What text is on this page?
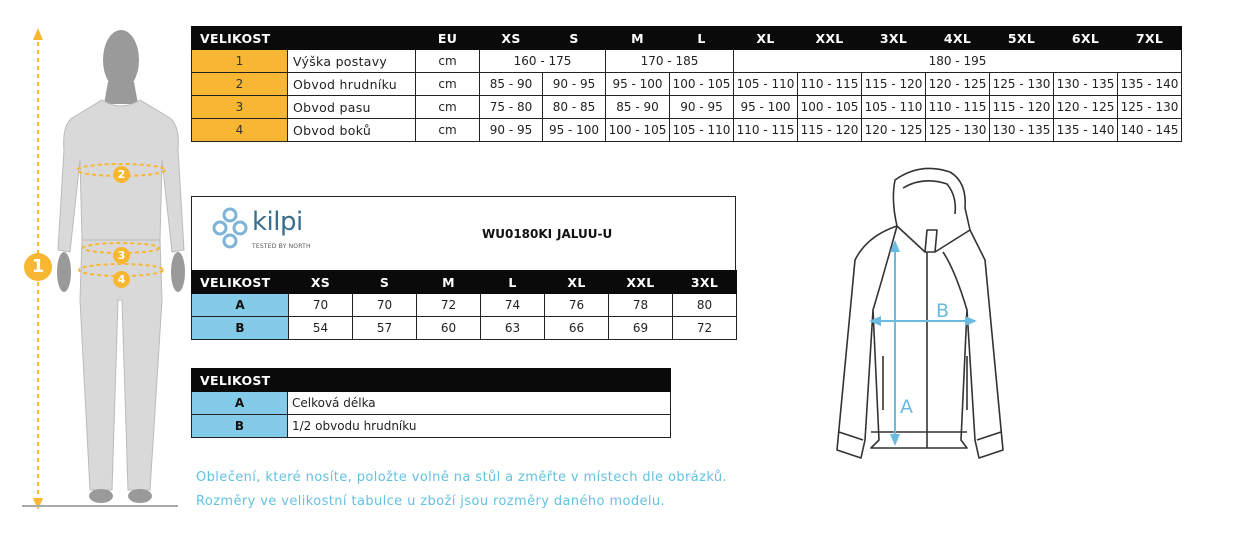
1
2
3
4
VELIKOST		EU	XS	S	M	L	XL	XXL	3XL	4XL	5XL	6XL	7XL
1	Výška postavy	cm	160 - 175		170 - 185		180 - 195						
2	Obvod hrudníku	cm	85 - 90	90 - 95	95 - 100	100 - 105	105 - 110	110 - 115	115 - 120	120 - 125	125 - 130	130 - 135	135 - 140
3	Obvod pasu	cm	75 - 80	80 - 85	85 - 90	90 - 95	95 - 100	100 - 105	105 - 110	110 - 115	115 - 120	120 - 125	125 - 130
4	Obvod boků	cm	90 - 95	95 - 100	100 - 105	105 - 110	110 - 115	115 - 120	120 - 125	125 - 130	130 - 135	135 - 140	140 - 145
kilpi
TESTED BY NORTH
WU0180KI JALUU-U
VELIKOST	XS	S	M	L	XL	XXL	3XL
A	70	70	72	74	76	78	80
B	54	57	60	63	66	69	72
VELIKOST	
A	Celková délka
B	1/2 obvodu hrudníku
Oblečení, které nosíte, položte volně na stůl a změřte v místech dle obrázků.
Rozměry ve velikostní tabulce u zboží jsou rozměry daného modelu.
A
B
